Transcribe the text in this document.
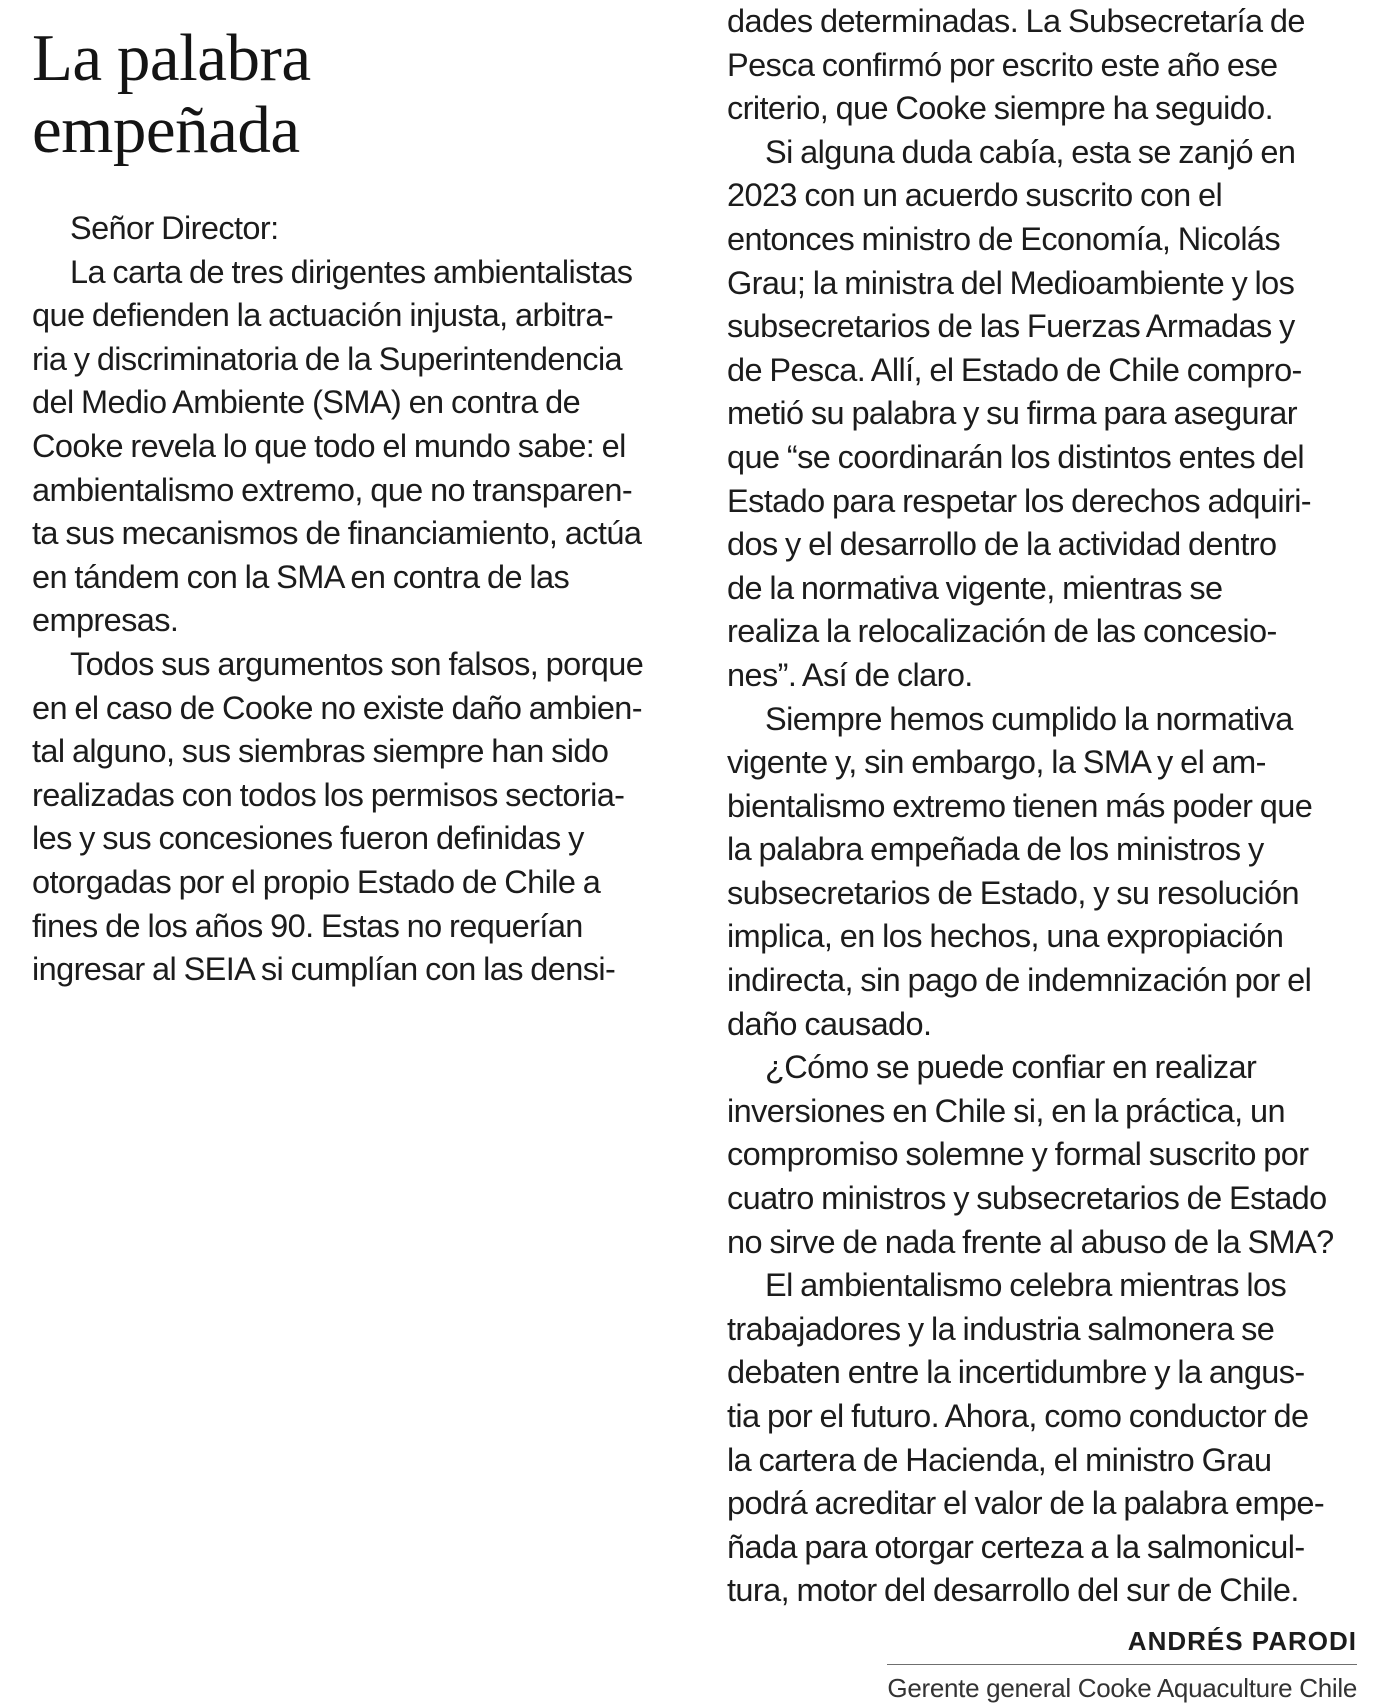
La palabra
empeñada
Señor Director:
La carta de tres dirigentes ambientalistas
que defienden la actuación injusta, arbitra-
ria y discriminatoria de la Superintendencia
del Medio Ambiente (SMA) en contra de
Cooke revela lo que todo el mundo sabe: el
ambientalismo extremo, que no transparen-
ta sus mecanismos de financiamiento, actúa
en tándem con la SMA en contra de las
empresas.
Todos sus argumentos son falsos, porque
en el caso de Cooke no existe daño ambien-
tal alguno, sus siembras siempre han sido
realizadas con todos los permisos sectoria-
les y sus concesiones fueron definidas y
otorgadas por el propio Estado de Chile a
fines de los años 90. Estas no requerían
ingresar al SEIA si cumplían con las densi-
dades determinadas. La Subsecretaría de
Pesca confirmó por escrito este año ese
criterio, que Cooke siempre ha seguido.
Si alguna duda cabía, esta se zanjó en
2023 con un acuerdo suscrito con el
entonces ministro de Economía, Nicolás
Grau; la ministra del Medioambiente y los
subsecretarios de las Fuerzas Armadas y
de Pesca. Allí, el Estado de Chile compro-
metió su palabra y su firma para asegurar
que “se coordinarán los distintos entes del
Estado para respetar los derechos adquiri-
dos y el desarrollo de la actividad dentro
de la normativa vigente, mientras se
realiza la relocalización de las concesio-
nes”. Así de claro.
Siempre hemos cumplido la normativa
vigente y, sin embargo, la SMA y el am-
bientalismo extremo tienen más poder que
la palabra empeñada de los ministros y
subsecretarios de Estado, y su resolución
implica, en los hechos, una expropiación
indirecta, sin pago de indemnización por el
daño causado.
¿Cómo se puede confiar en realizar
inversiones en Chile si, en la práctica, un
compromiso solemne y formal suscrito por
cuatro ministros y subsecretarios de Estado
no sirve de nada frente al abuso de la SMA?
El ambientalismo celebra mientras los
trabajadores y la industria salmonera se
debaten entre la incertidumbre y la angus-
tia por el futuro. Ahora, como conductor de
la cartera de Hacienda, el ministro Grau
podrá acreditar el valor de la palabra empe-
ñada para otorgar certeza a la salmonicul-
tura, motor del desarrollo del sur de Chile.
ANDRÉS PARODI
Gerente general Cooke Aquaculture Chile
